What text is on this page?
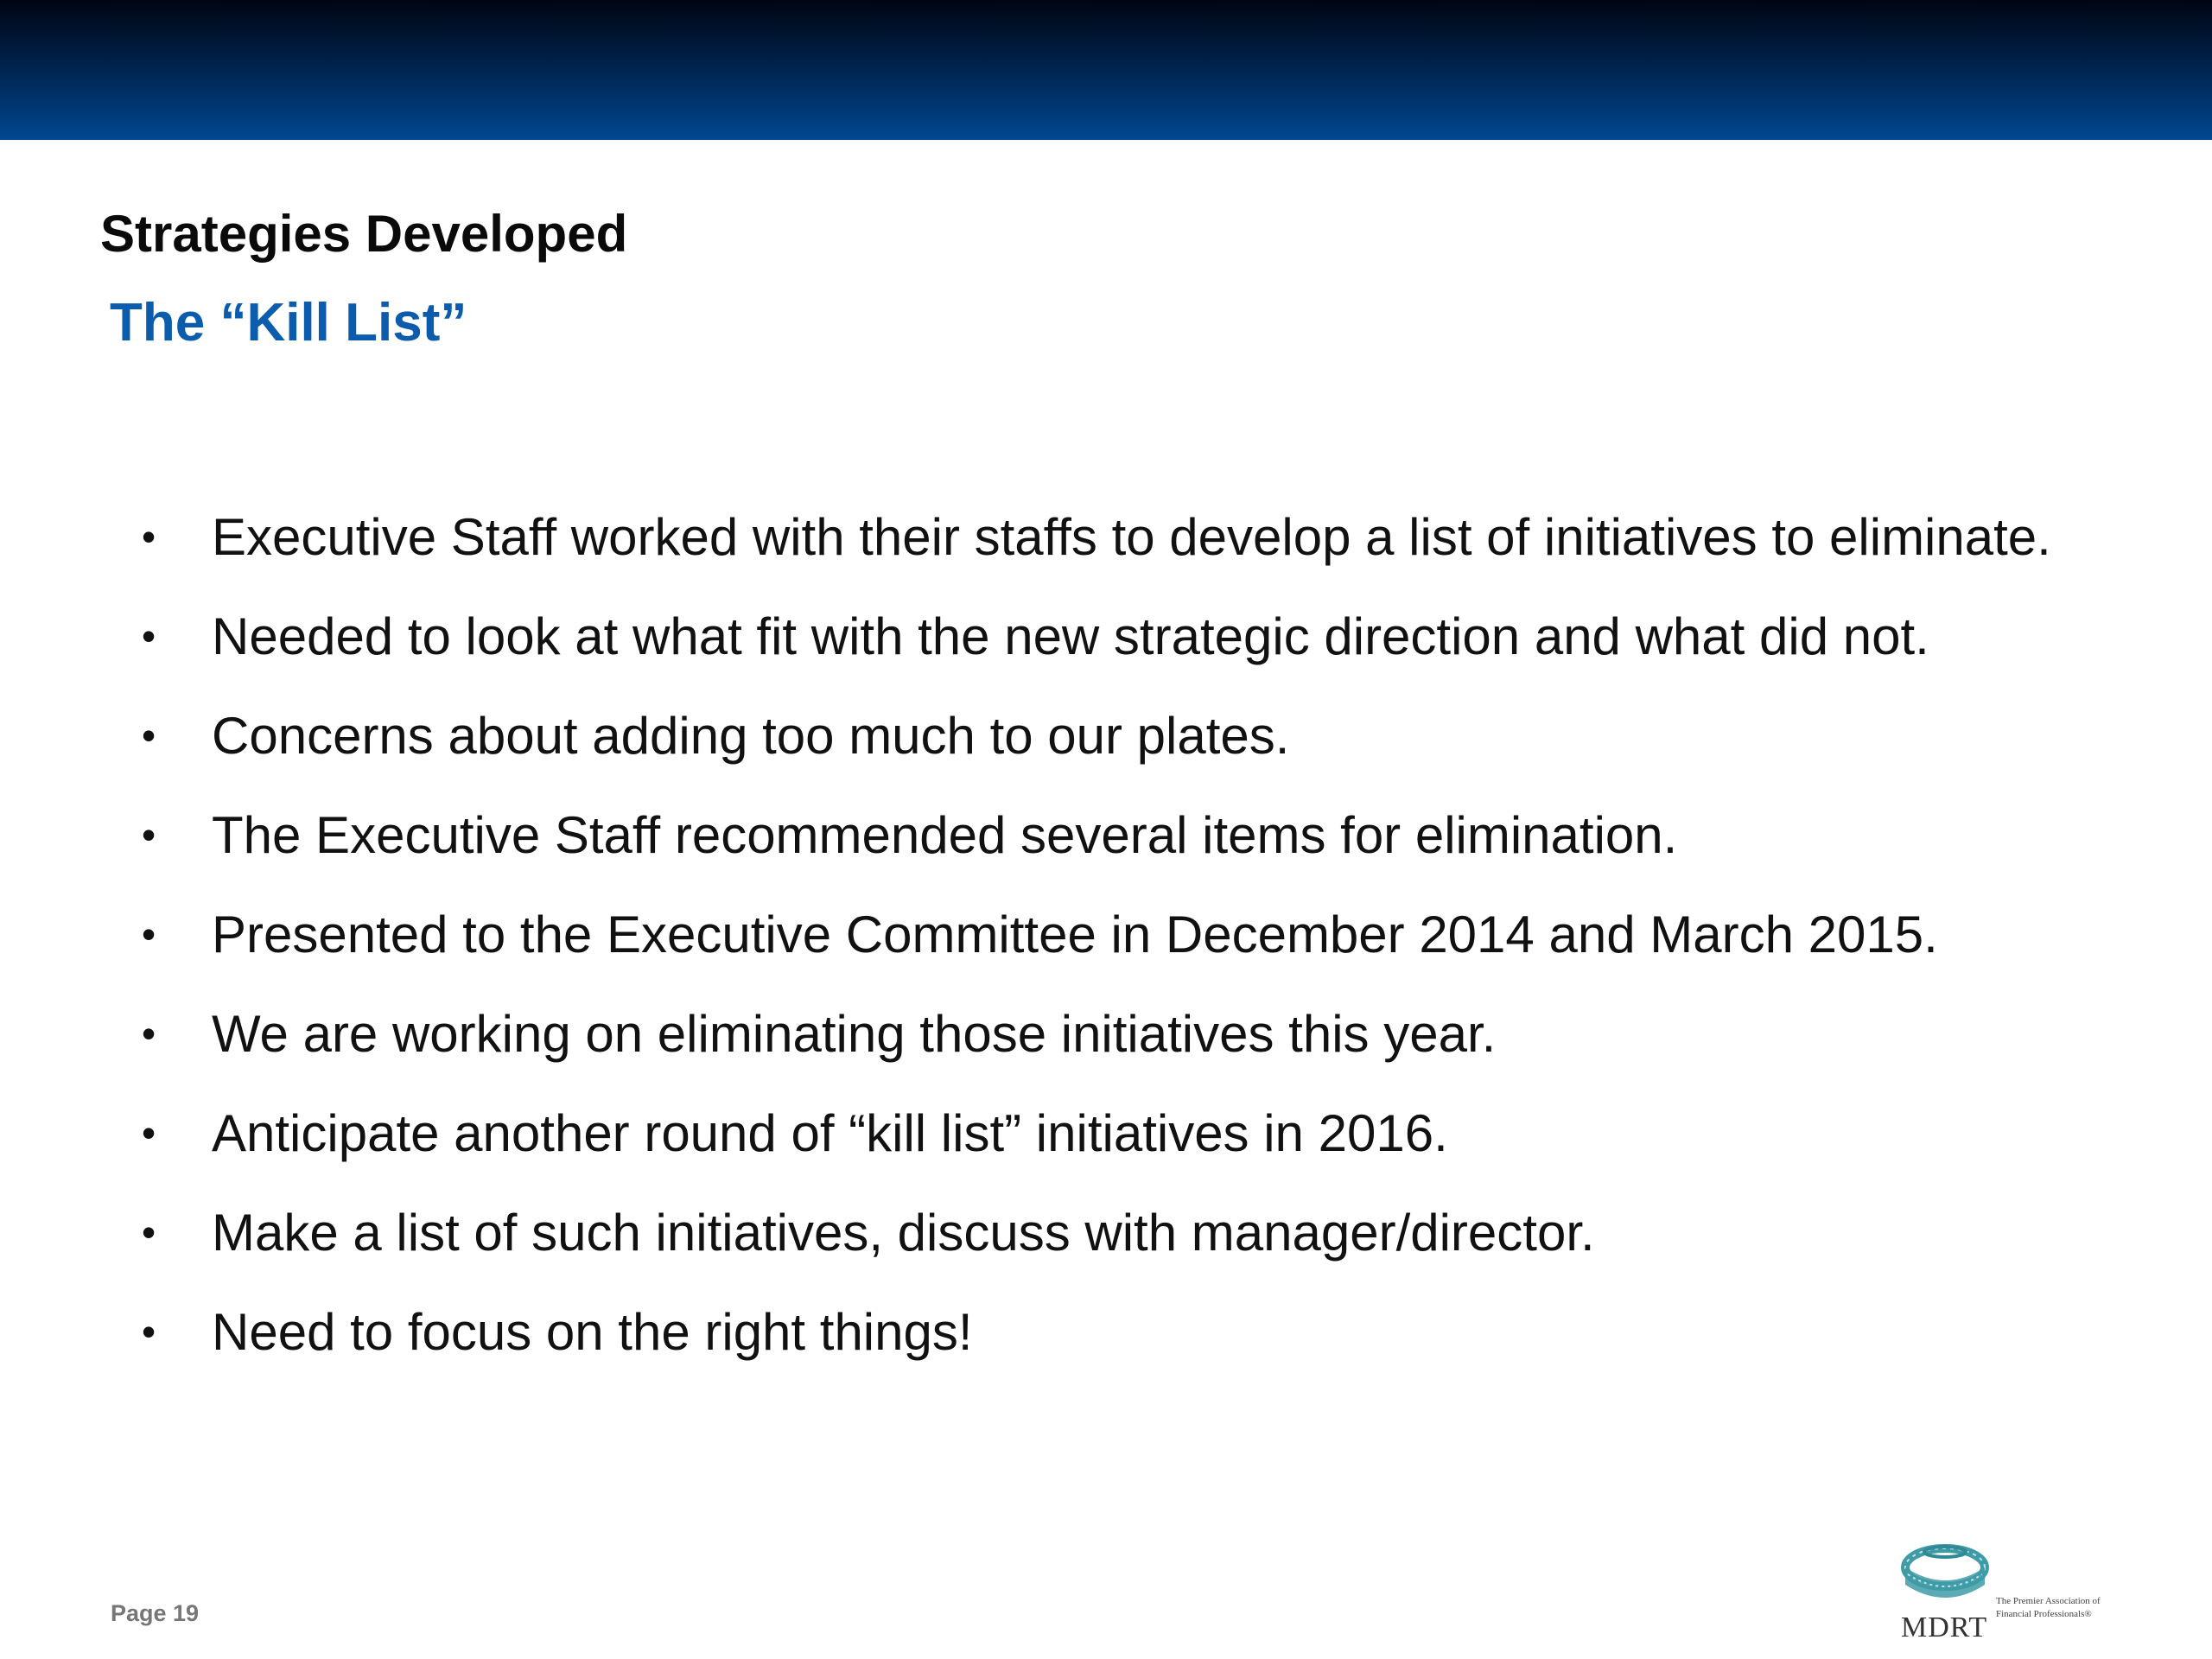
Strategies Developed
The “Kill List”
• Executive Staff worked with their staffs to develop a list of initiatives to eliminate.
• Needed to look at what fit with the new strategic direction and what did not.
• Concerns about adding too much to our plates.
• The Executive Staff recommended several items for elimination.
• Presented to the Executive Committee in December 2014 and March 2015.
• We are working on eliminating those initiatives this year.
• Anticipate another round of “kill list” initiatives in 2016.
• Make a list of such initiatives, discuss with manager/director.
• Need to focus on the right things!
Page 19	MDRT
The Premier Association of Financial Professionals®
